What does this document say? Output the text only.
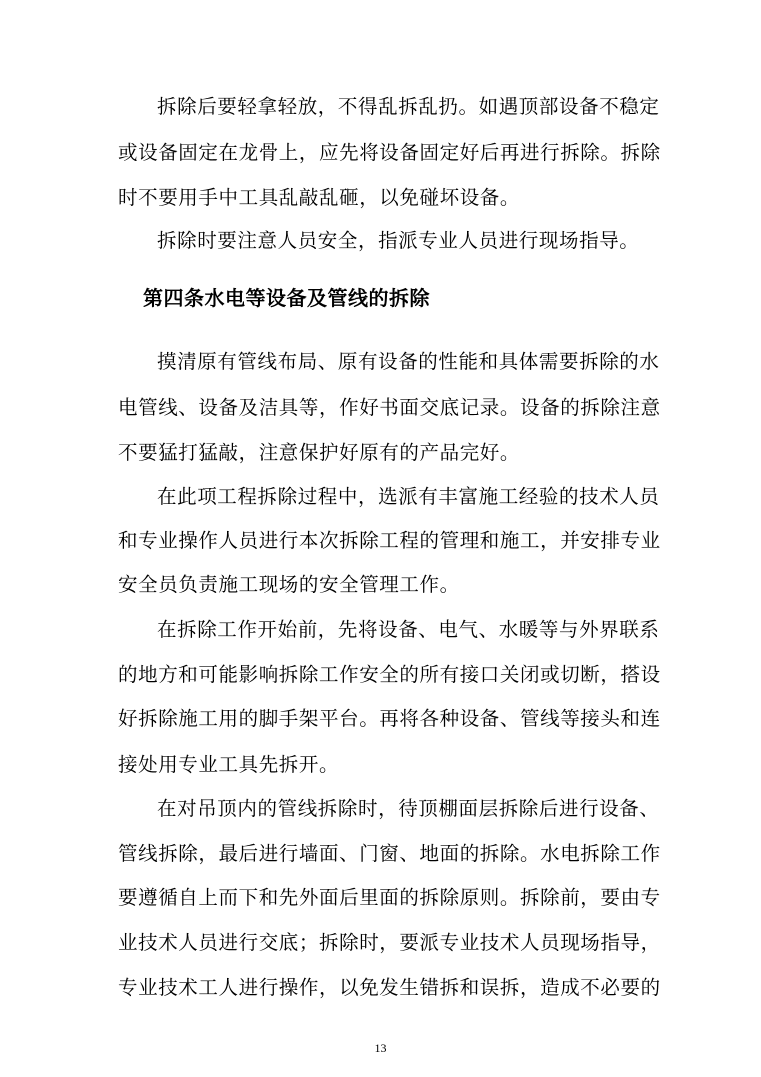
拆除后要轻拿轻放，不得乱拆乱扔。如遇顶部设备不稳定
或设备固定在龙骨上，应先将设备固定好后再进行拆除。拆除
时不要用手中工具乱敲乱砸，以免碰坏设备。
拆除时要注意人员安全，指派专业人员进行现场指导。
第四条水电等设备及管线的拆除
摸清原有管线布局、原有设备的性能和具体需要拆除的水
电管线、设备及洁具等，作好书面交底记录。设备的拆除注意
不要猛打猛敲，注意保护好原有的产品完好。
在此项工程拆除过程中，选派有丰富施工经验的技术人员
和专业操作人员进行本次拆除工程的管理和施工，并安排专业
安全员负责施工现场的安全管理工作。
在拆除工作开始前，先将设备、电气、水暖等与外界联系
的地方和可能影响拆除工作安全的所有接口关闭或切断，搭设
好拆除施工用的脚手架平台。再将各种设备、管线等接头和连
接处用专业工具先拆开。
在对吊顶内的管线拆除时，待顶棚面层拆除后进行设备、
管线拆除，最后进行墙面、门窗、地面的拆除。水电拆除工作
要遵循自上而下和先外面后里面的拆除原则。拆除前，要由专
业技术人员进行交底；拆除时，要派专业技术人员现场指导，
专业技术工人进行操作，以免发生错拆和误拆，造成不必要的
13
